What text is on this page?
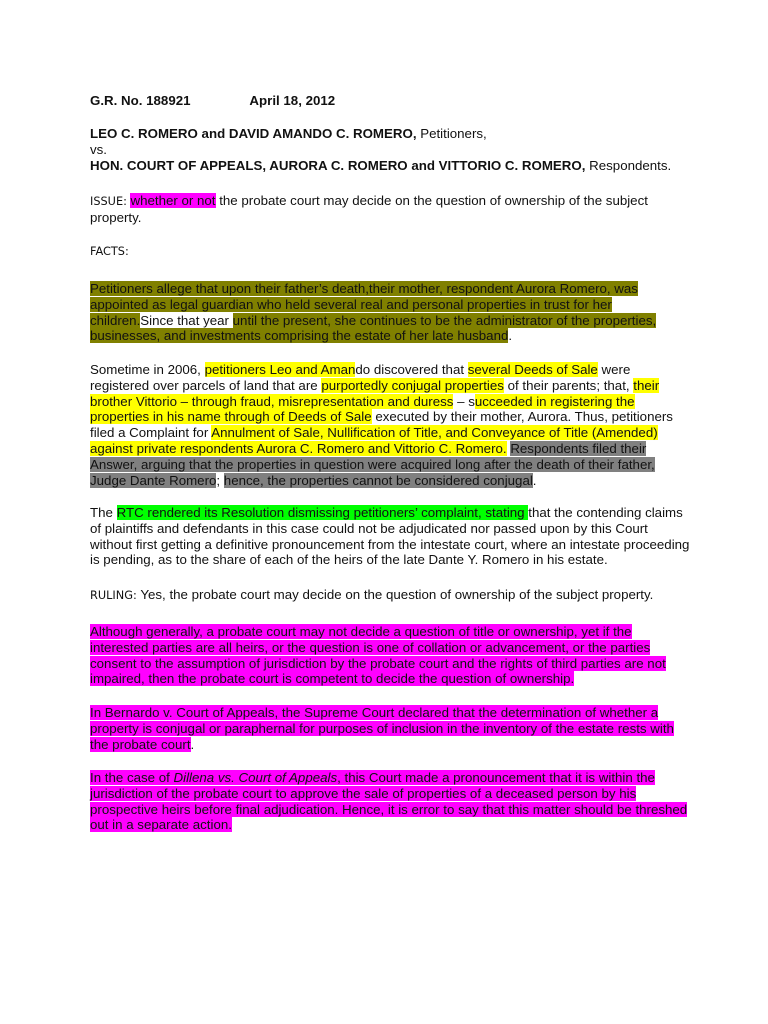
G.R. No. 188921	April 18, 2012
LEO C. ROMERO and DAVID AMANDO C. ROMERO, Petitioners,
vs.
HON. COURT OF APPEALS, AURORA C. ROMERO and VITTORIO C. ROMERO, Respondents.
ISSUE: whether or not the probate court may decide on the question of ownership of the subject property.
FACTS:
Petitioners allege that upon their father’s death,their mother, respondent Aurora Romero, was appointed as legal guardian who held several real and personal properties in trust for her children.Since that year until the present, she continues to be the administrator of the properties, businesses, and investments comprising the estate of her late husband.
Sometime in 2006, petitioners Leo and Amando discovered that several Deeds of Sale were registered over parcels of land that are purportedly conjugal properties of their parents; that, their brother Vittorio – through fraud, misrepresentation and duress – succeeded in registering the properties in his name through of Deeds of Sale executed by their mother, Aurora. Thus, petitioners filed a Complaint for Annulment of Sale, Nullification of Title, and Conveyance of Title (Amended) against private respondents Aurora C. Romero and Vittorio C. Romero. Respondents filed their Answer, arguing that the properties in question were acquired long after the death of their father, Judge Dante Romero; hence, the properties cannot be considered conjugal.
The RTC rendered its Resolution dismissing petitioners’ complaint, stating that the contending claims of plaintiffs and defendants in this case could not be adjudicated nor passed upon by this Court without first getting a definitive pronouncement from the intestate court, where an intestate proceeding is pending, as to the share of each of the heirs of the late Dante Y. Romero in his estate.
RULING: Yes, the probate court may decide on the question of ownership of the subject property.
Although generally, a probate court may not decide a question of title or ownership, yet if the interested parties are all heirs, or the question is one of collation or advancement, or the parties consent to the assumption of jurisdiction by the probate court and the rights of third parties are not impaired, then the probate court is competent to decide the question of ownership.
In Bernardo v. Court of Appeals, the Supreme Court declared that the determination of whether a property is conjugal or paraphernal for purposes of inclusion in the inventory of the estate rests with the probate court.
In the case of Dillena vs. Court of Appeals, this Court made a pronouncement that it is within the jurisdiction of the probate court to approve the sale of properties of a deceased person by his prospective heirs before final adjudication. Hence, it is error to say that this matter should be threshed out in a separate action.
